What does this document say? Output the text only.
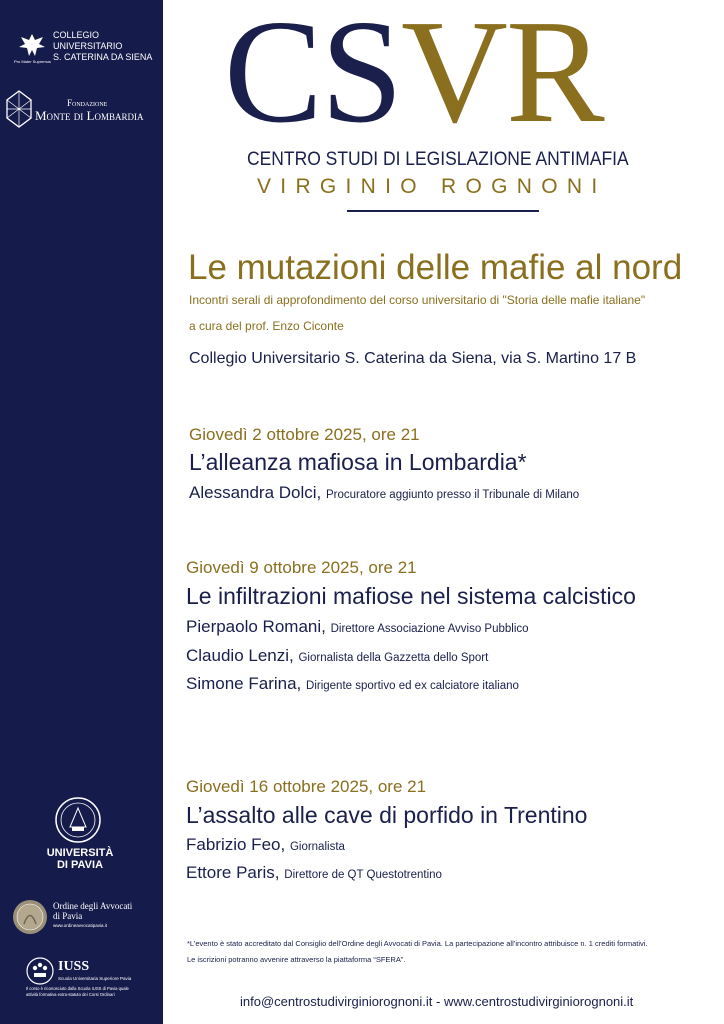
Pro Mater Supremus
COLLEGIO
UNIVERSITARIO
S. CATERINA DA SIENA
Fondazione
Monte di Lombardia
UNIVERSITÀ
DI PAVIA
Ordine degli Avvocati
di Pavia
www.ordineavvocatipavia.it
IUSS
Scuola Universitaria Superiore Pavia
Il corso è riconosciuto dalla Scuola IUSS di Pavia quale attività formativa extra-statuto dei Corsi Ordinari
CSVR
CENTRO STUDI DI LEGISLAZIONE ANTIMAFIA
VIRGINIO ROGNONI
Le mutazioni delle mafie al nord
Incontri serali di approfondimento del corso universitario di "Storia delle mafie italiane"
a cura del prof. Enzo Ciconte
Collegio Universitario S. Caterina da Siena, via S. Martino 17 B
Giovedì 2 ottobre 2025, ore 21
L’alleanza mafiosa in Lombardia*
Alessandra Dolci, Procuratore aggiunto presso il Tribunale di Milano
Giovedì 9 ottobre 2025, ore 21
Le infiltrazioni mafiose nel sistema calcistico
Pierpaolo Romani, Direttore Associazione Avviso Pubblico
Claudio Lenzi, Giornalista della Gazzetta dello Sport
Simone Farina, Dirigente sportivo ed ex calciatore italiano
Giovedì 16 ottobre 2025, ore 21
L’assalto alle cave di porfido in Trentino
Fabrizio Feo, Giornalista
Ettore Paris, Direttore de QT Questotrentino
*L’evento è stato accreditato dal Consiglio dell’Ordine degli Avvocati di Pavia. La partecipazione all’incontro attribuisce n. 1 crediti formativi.
Le iscrizioni potranno avvenire attraverso la piattaforma “SFERA”.
info@centrostudivirginiorognoni.it - www.centrostudivirginiorognoni.it
